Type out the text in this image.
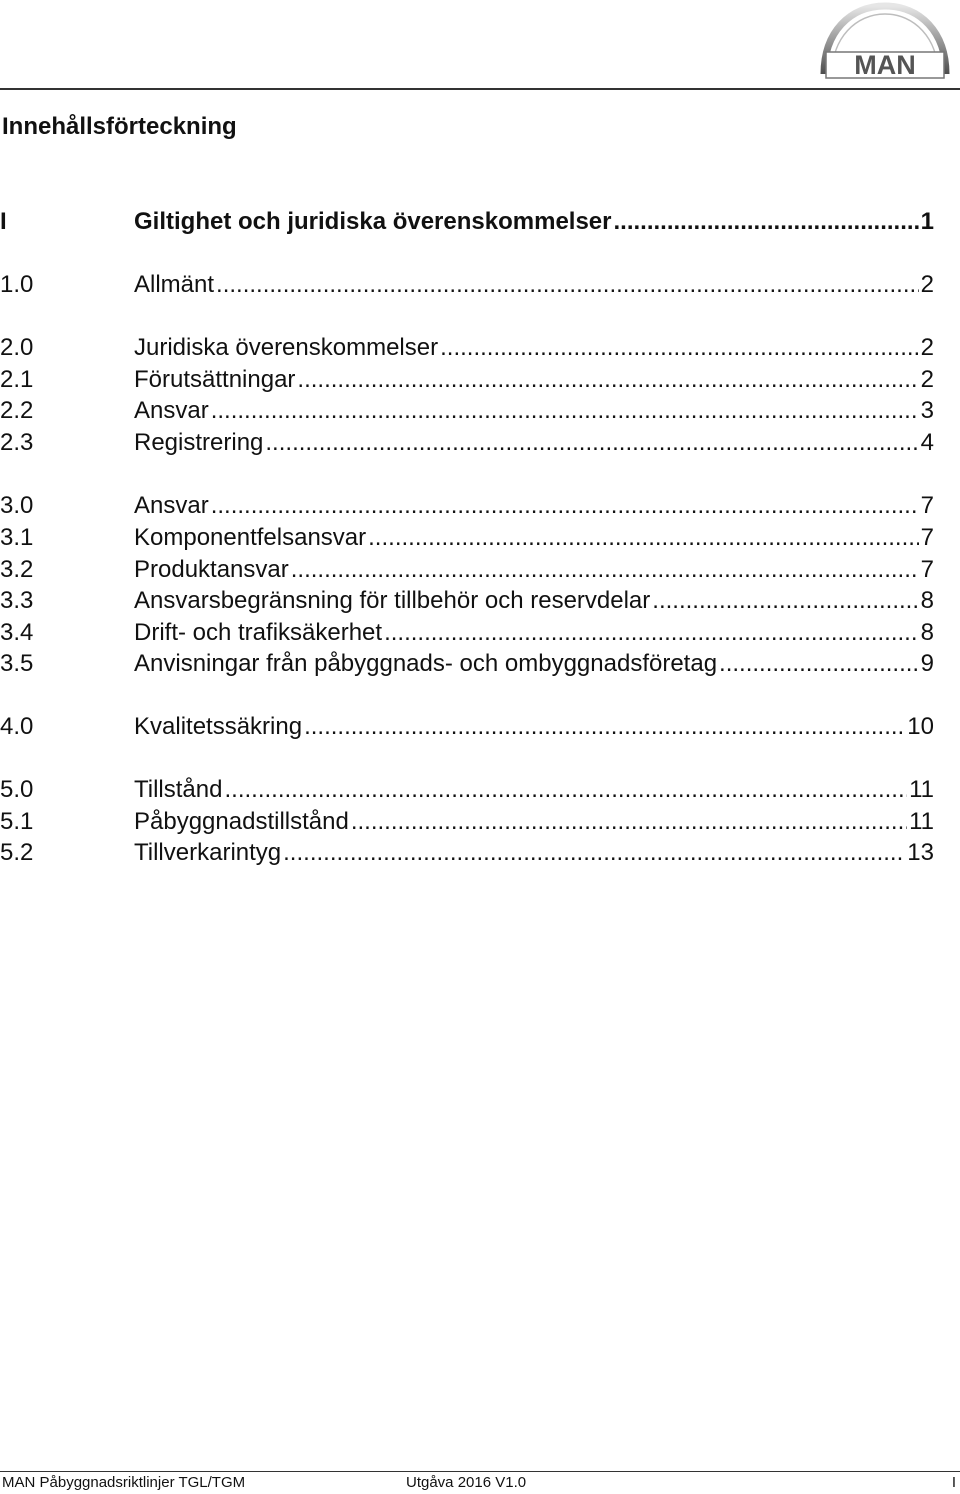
MAN
Innehållsförteckning
I	Giltighet och juridiska överenskommelser .....	1
1.0	Allmänt .....	2
2.0	Juridiska överenskommelser .....	2
2.1	Förutsättningar .....	2
2.2	Ansvar .....	3
2.3	Registrering .....	4
3.0	Ansvar .....	7
3.1	Komponentfelsansvar .....	7
3.2	Produktansvar .....	7
3.3	Ansvarsbegränsning för tillbehör och reservdelar .....	8
3.4	Drift- och trafiksäkerhet .....	8
3.5	Anvisningar från påbyggnads- och ombyggnadsföretag .....	9
4.0	Kvalitetssäkring .....	10
5.0	Tillstånd .....	11
5.1	Påbyggnadstillstånd .....	11
5.2	Tillverkarintyg .....	13
MAN Påbyggnadsriktlinjer TGL/TGM	Utgåva 2016 V1.0	I
